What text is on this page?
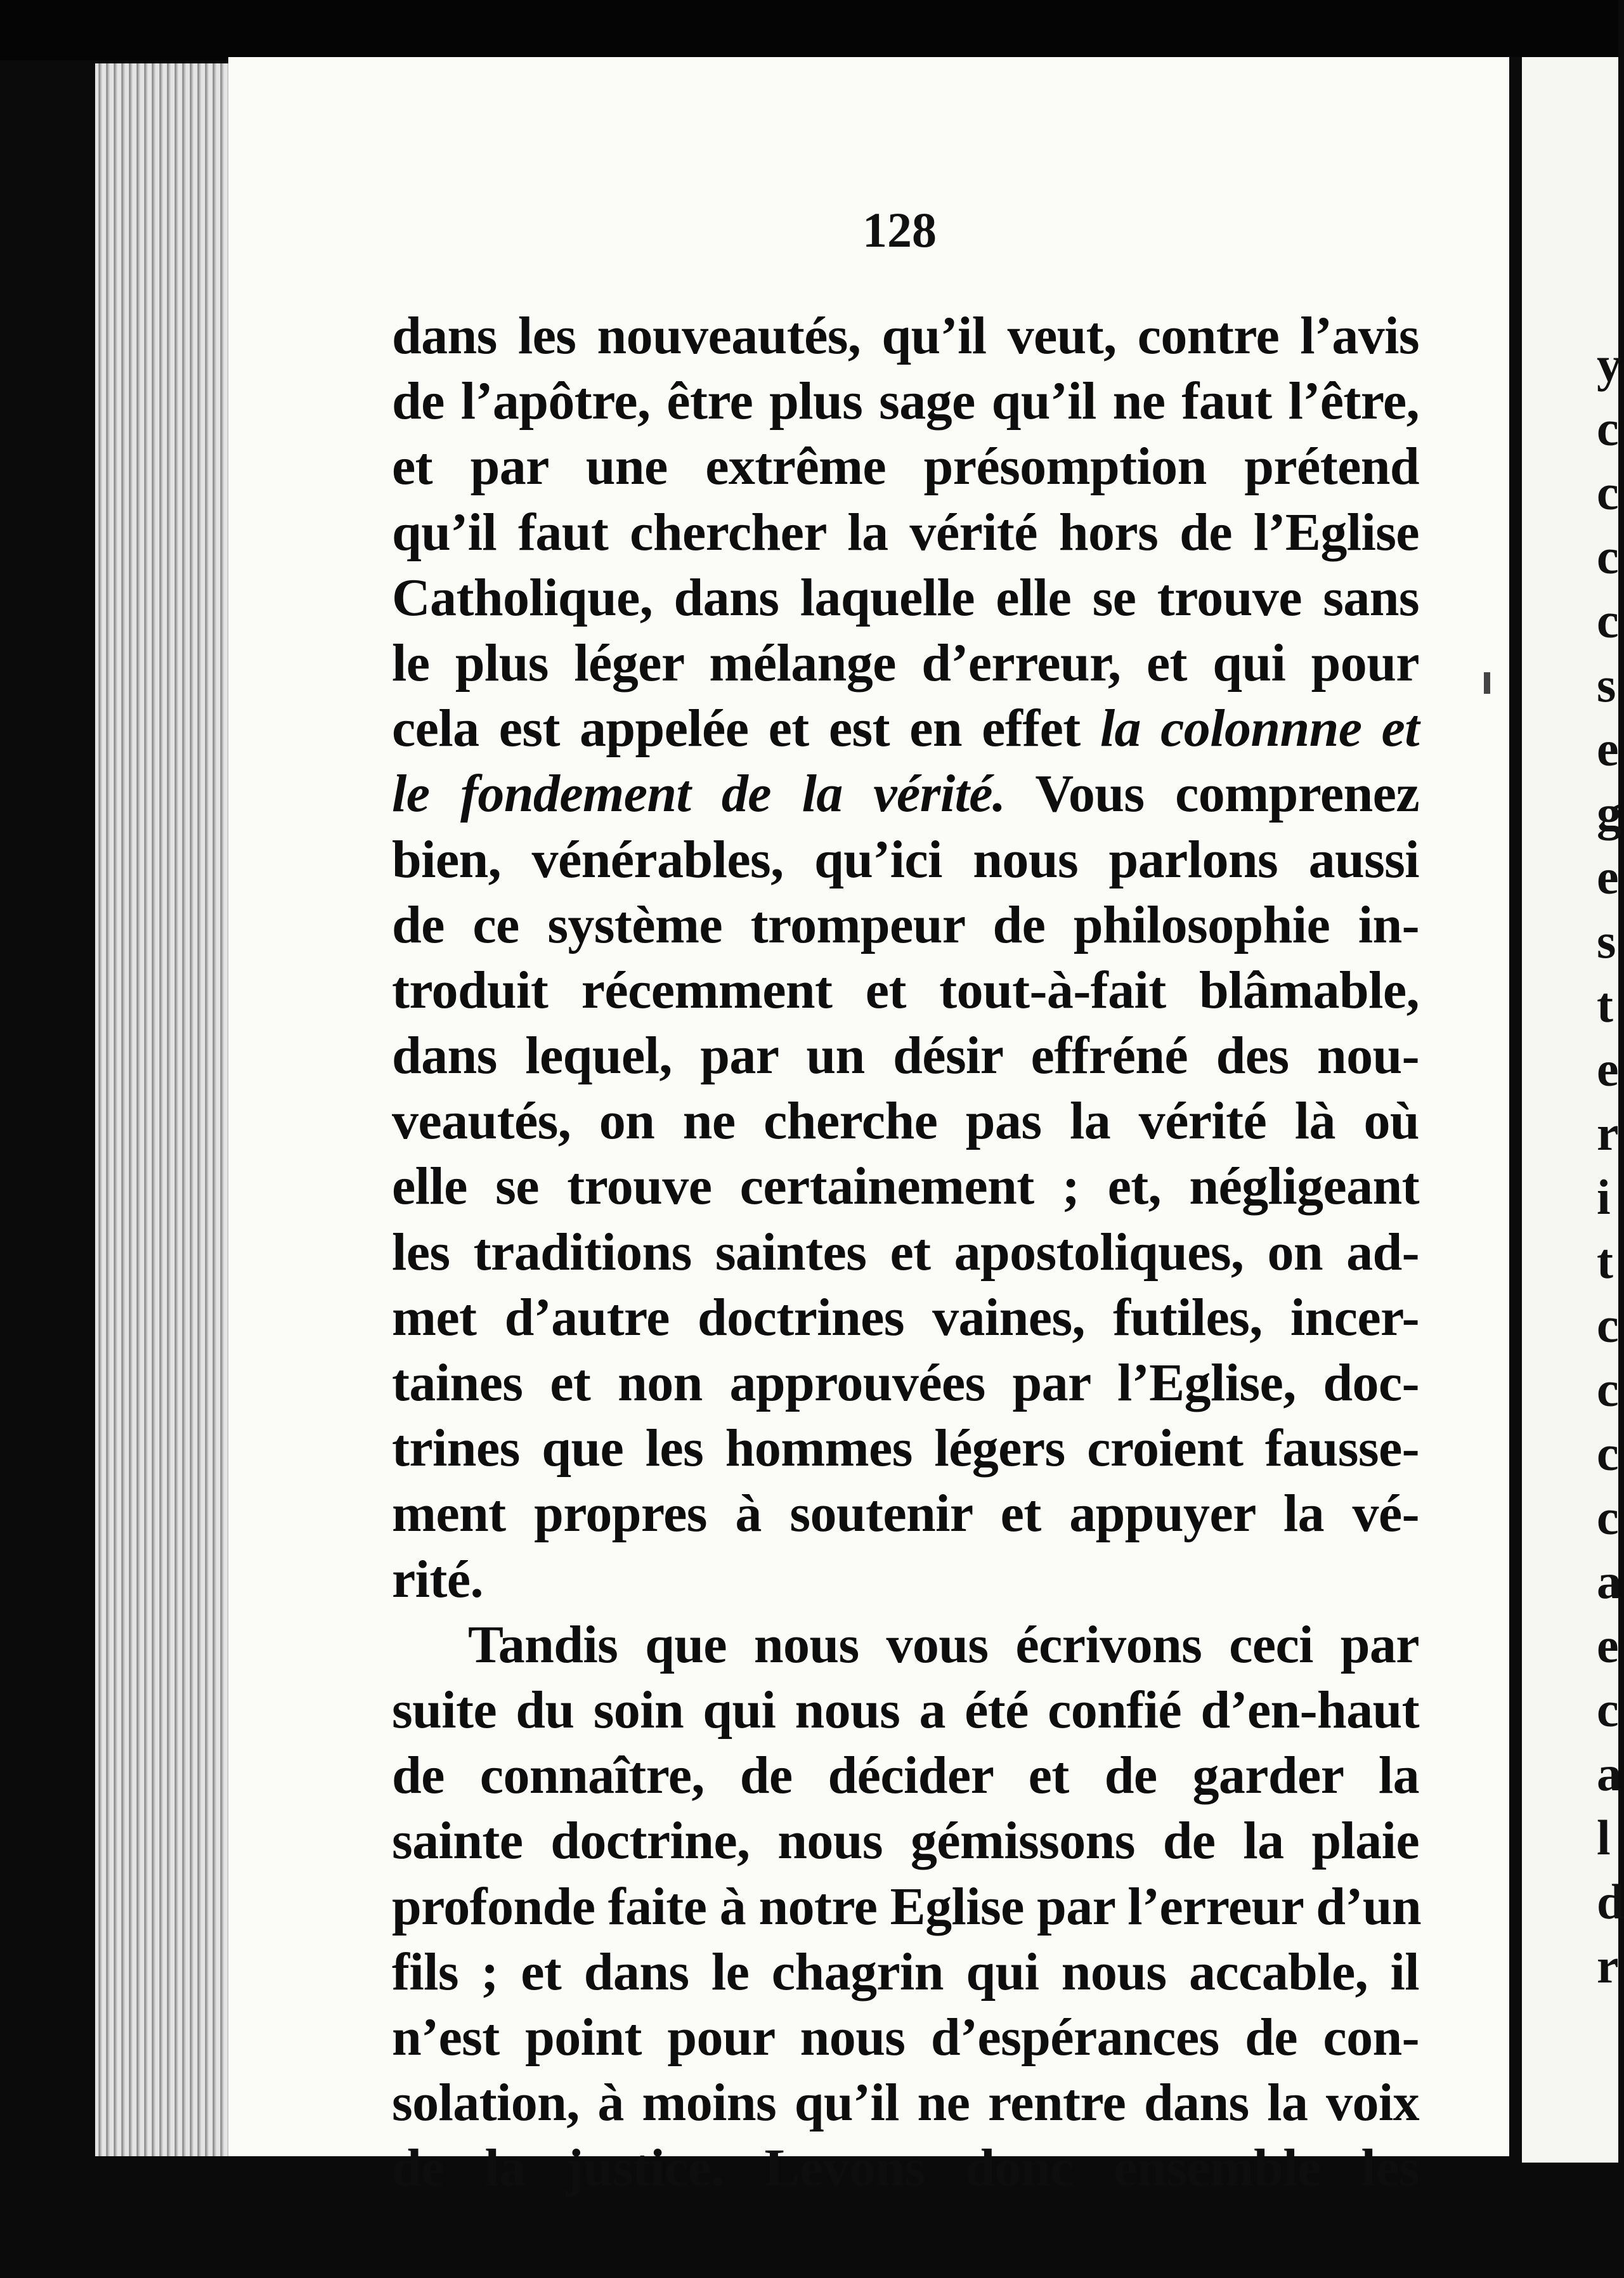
y
c
c
c
c
s
e
g
e
s
t
e
r
i
t
c
c
c
c
a
e
c
a
l
d
r
128
dans les nouveautés, qu’il veut, contre l’avis
de l’apôtre, être plus sage qu’il ne faut l’être,
et par une extrême présomption prétend
qu’il faut chercher la vérité hors de l’Eglise
Catholique, dans laquelle elle se trouve sans
le plus léger mélange d’erreur, et qui pour
cela est appelée et est en effet la colonnne et
le fondement de la vérité. Vous comprenez
bien, vénérables, qu’ici nous parlons aussi
de ce système trompeur de philosophie in-
troduit récemment et tout-à-fait blâmable,
dans lequel, par un désir effréné des nou-
veautés, on ne cherche pas la vérité là où
elle se trouve certainement ; et, négligeant
les traditions saintes et apostoliques, on ad-
met d’autre doctrines vaines, futiles, incer-
taines et non approuvées par l’Eglise, doc-
trines que les hommes légers croient fausse-
ment propres à soutenir et appuyer la vé-
rité.
Tandis que nous vous écrivons ceci par
suite du soin qui nous a été confié d’en-haut
de connaître, de décider et de garder la
sainte doctrine, nous gémissons de la plaie
profonde faite à notre Eglise par l’erreur d’un
fils ; et dans le chagrin qui nous accable, il
n’est point pour nous d’espérances de con-
solation, à moins qu’il ne rentre dans la voix
de la justice. Levons donc ensemble les
